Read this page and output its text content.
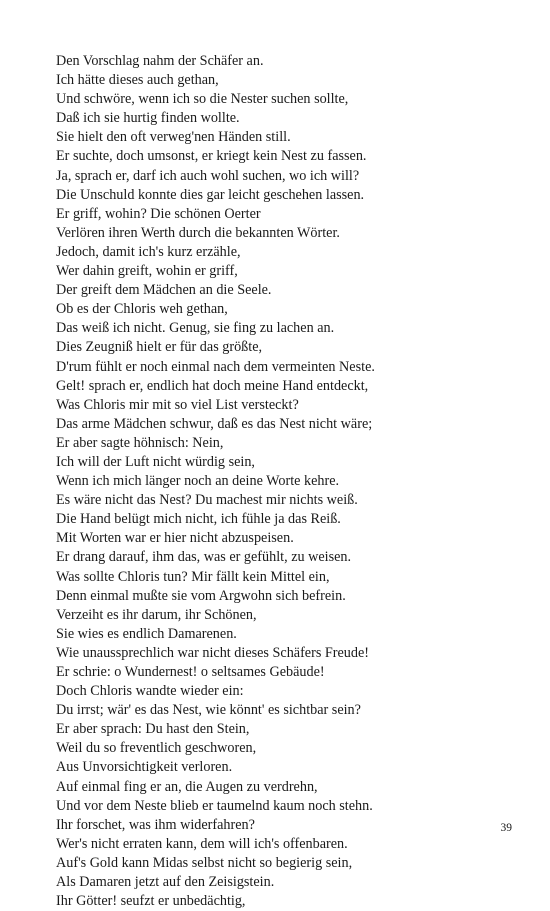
Den Vorschlag nahm der Schäfer an.
Ich hätte dieses auch gethan,
Und schwöre, wenn ich so die Nester suchen sollte,
Daß ich sie hurtig finden wollte.
Sie hielt den oft verweg'nen Händen still.
Er suchte, doch umsonst, er kriegt kein Nest zu fassen.
Ja, sprach er, darf ich auch wohl suchen, wo ich will?
Die Unschuld konnte dies gar leicht geschehen lassen.
Er griff, wohin? Die schönen Oerter
Verlören ihren Werth durch die bekannten Wörter.
Jedoch, damit ich's kurz erzähle,
Wer dahin greift, wohin er griff,
Der greift dem Mädchen an die Seele.
Ob es der Chloris weh gethan,
Das weiß ich nicht. Genug, sie fing zu lachen an.
Dies Zeugniß hielt er für das größte,
D'rum fühlt er noch einmal nach dem vermeinten Neste.
Gelt! sprach er, endlich hat doch meine Hand entdeckt,
Was Chloris mir mit so viel List versteckt?
Das arme Mädchen schwur, daß es das Nest nicht wäre;
Er aber sagte höhnisch: Nein,
Ich will der Luft nicht würdig sein,
Wenn ich mich länger noch an deine Worte kehre.
Es wäre nicht das Nest? Du machest mir nichts weiß.
Die Hand belügt mich nicht, ich fühle ja das Reiß.
Mit Worten war er hier nicht abzuspeisen.
Er drang darauf, ihm das, was er gefühlt, zu weisen.
Was sollte Chloris tun? Mir fällt kein Mittel ein,
Denn einmal mußte sie vom Argwohn sich befrein.
Verzeiht es ihr darum, ihr Schönen,
Sie wies es endlich Damarenen.
Wie unaussprechlich war nicht dieses Schäfers Freude!
Er schrie: o Wundernest! o seltsames Gebäude!
Doch Chloris wandte wieder ein:
Du irrst; wär' es das Nest, wie könnt' es sichtbar sein?
Er aber sprach: Du hast den Stein,
Weil du so freventlich geschworen,
Aus Unvorsichtigkeit verloren.
Auf einmal fing er an, die Augen zu verdrehn,
Und vor dem Neste blieb er taumelnd kaum noch stehn.
Ihr forschet, was ihm widerfahren?
Wer's nicht erraten kann, dem will ich's offenbaren.
Auf's Gold kann Midas selbst nicht so begierig sein,
Als Damaren jetzt auf den Zeisigstein.
Ihr Götter! seufzt er unbedächtig,
39
